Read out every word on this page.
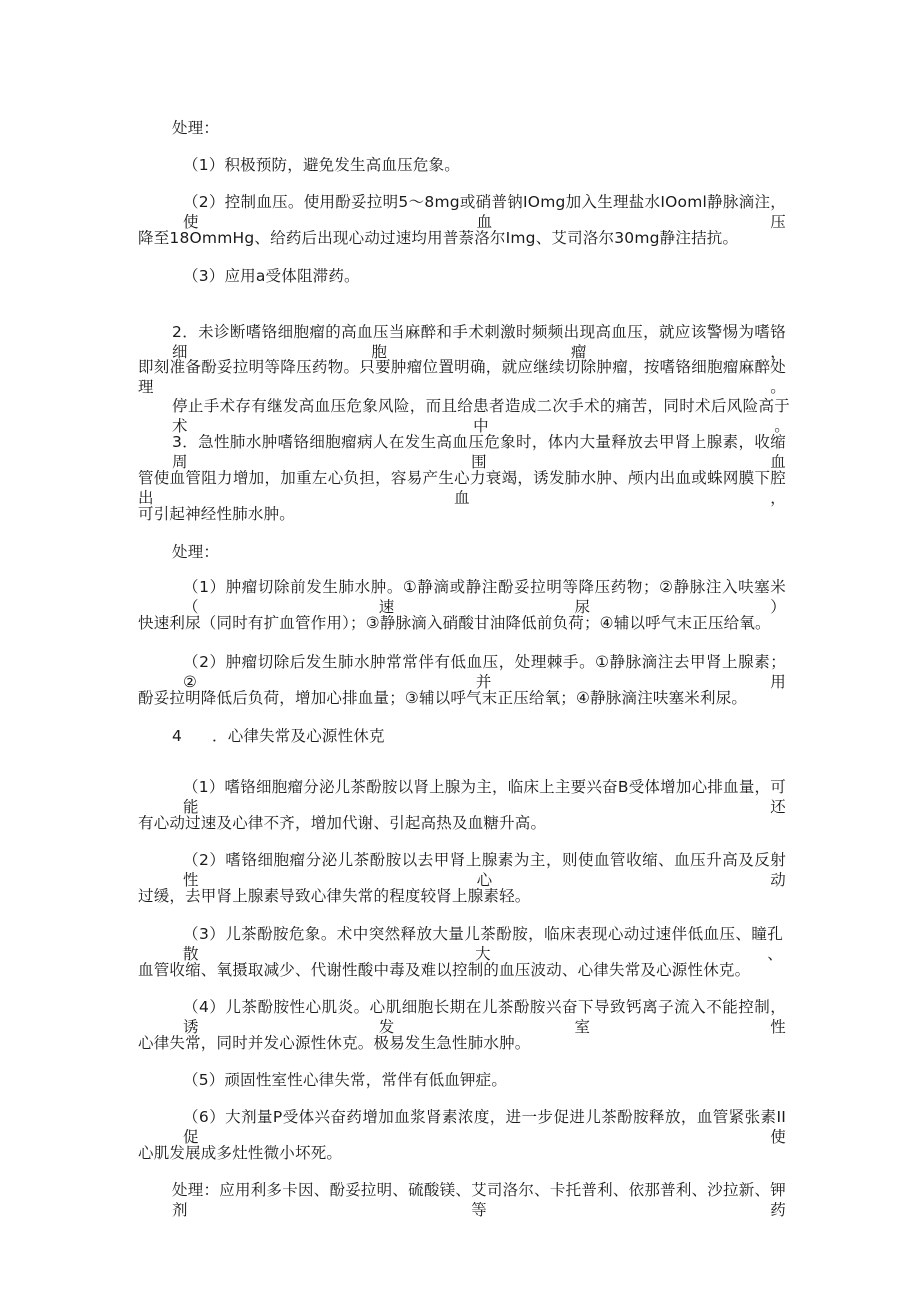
处理：
（1）积极预防，避免发生高血压危象。
（2）控制血压。使用酚妥拉明5～8mg或硝普钠IOmg加入生理盐水IOoml静脉滴注，使血压
降至18OmmHg、给药后出现心动过速均用普萘洛尔Img、艾司洛尔30mg静注拮抗。
（3）应用a受体阻滞药。
2．未诊断嗜铬细胞瘤的高血压当麻醉和手术刺激时频频出现高血压，就应该警惕为嗜铬细胞瘤，
即刻准备酚妥拉明等降压药物。只要肿瘤位置明确，就应继续切除肿瘤，按嗜铬细胞瘤麻醉处理。
停止手术存有继发高血压危象风险，而且给患者造成二次手术的痛苦，同时术后风险高于术中。
3．急性肺水肿嗜铬细胞瘤病人在发生高血压危象时，体内大量释放去甲肾上腺素，收缩周围血
管使血管阻力增加，加重左心负担，容易产生心力衰竭，诱发肺水肿、颅内出血或蛛网膜下腔出血，
可引起神经性肺水肿。
处理：
（1）肿瘤切除前发生肺水肿。①静滴或静注酚妥拉明等降压药物；②静脉注入呋塞米（速尿）
快速利尿（同时有扩血管作用）；③静脉滴入硝酸甘油降低前负荷；④辅以呼气末正压给氧。
（2）肿瘤切除后发生肺水肿常常伴有低血压，处理棘手。①静脉滴注去甲肾上腺素；②并用
酚妥拉明降低后负荷，增加心排血量；③辅以呼气末正压给氧；④静脉滴注呋塞米利尿。
4 ．心律失常及心源性休克
（1）嗜铬细胞瘤分泌儿茶酚胺以肾上腺为主，临床上主要兴奋B受体增加心排血量，可能还
有心动过速及心律不齐，增加代谢、引起高热及血糖升高。
（2）嗜铬细胞瘤分泌儿茶酚胺以去甲肾上腺素为主，则使血管收缩、血压升高及反射性心动
过缓，去甲肾上腺素导致心律失常的程度较肾上腺素轻。
（3）儿茶酚胺危象。术中突然释放大量儿茶酚胺，临床表现心动过速伴低血压、瞳孔散大、
血管收缩、氧摄取减少、代谢性酸中毒及难以控制的血压波动、心律失常及心源性休克。
（4）儿茶酚胺性心肌炎。心肌细胞长期在儿茶酚胺兴奋下导致钙离子流入不能控制，诱发室性
心律失常，同时并发心源性休克。极易发生急性肺水肿。
（5）顽固性室性心律失常，常伴有低血钾症。
（6）大剂量P受体兴奋药增加血浆肾素浓度，进一步促进儿茶酚胺释放，血管紧张素II促使
心肌发展成多灶性微小坏死。
处理：应用利多卡因、酚妥拉明、硫酸镁、艾司洛尔、卡托普利、依那普利、沙拉新、钾剂等药
